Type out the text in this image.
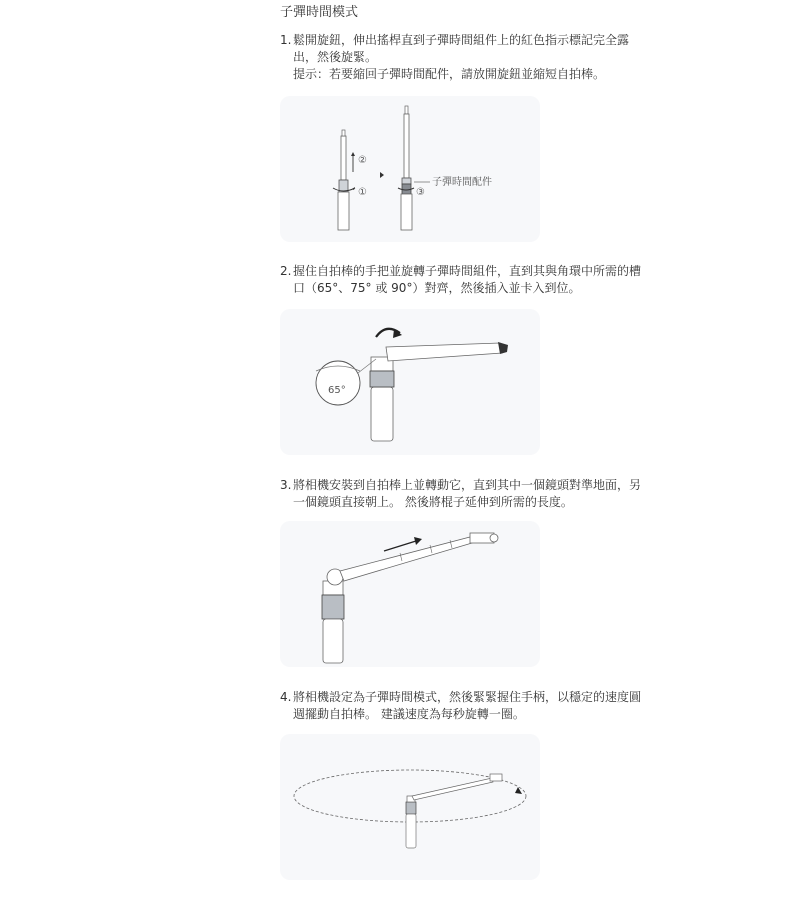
子彈時間模式
1. 鬆開旋鈕，伸出搖桿直到子彈時間組件上的紅色指示標記完全露出，然後旋緊。
提示：若要縮回子彈時間配件，請放開旋鈕並縮短自拍棒。
②
①
子彈時間配件
③
2. 握住自拍棒的手把並旋轉子彈時間組件，直到其與角環中所需的槽口（65°、75° 或 90°）對齊，然後插入並卡入到位。
65°
3. 將相機安裝到自拍棒上並轉動它，直到其中一個鏡頭對準地面，另一個鏡頭直接朝上。 然後將棍子延伸到所需的長度。
4. 將相機設定為子彈時間模式，然後緊緊握住手柄，以穩定的速度圓週擺動自拍棒。 建議速度為每秒旋轉一圈。
